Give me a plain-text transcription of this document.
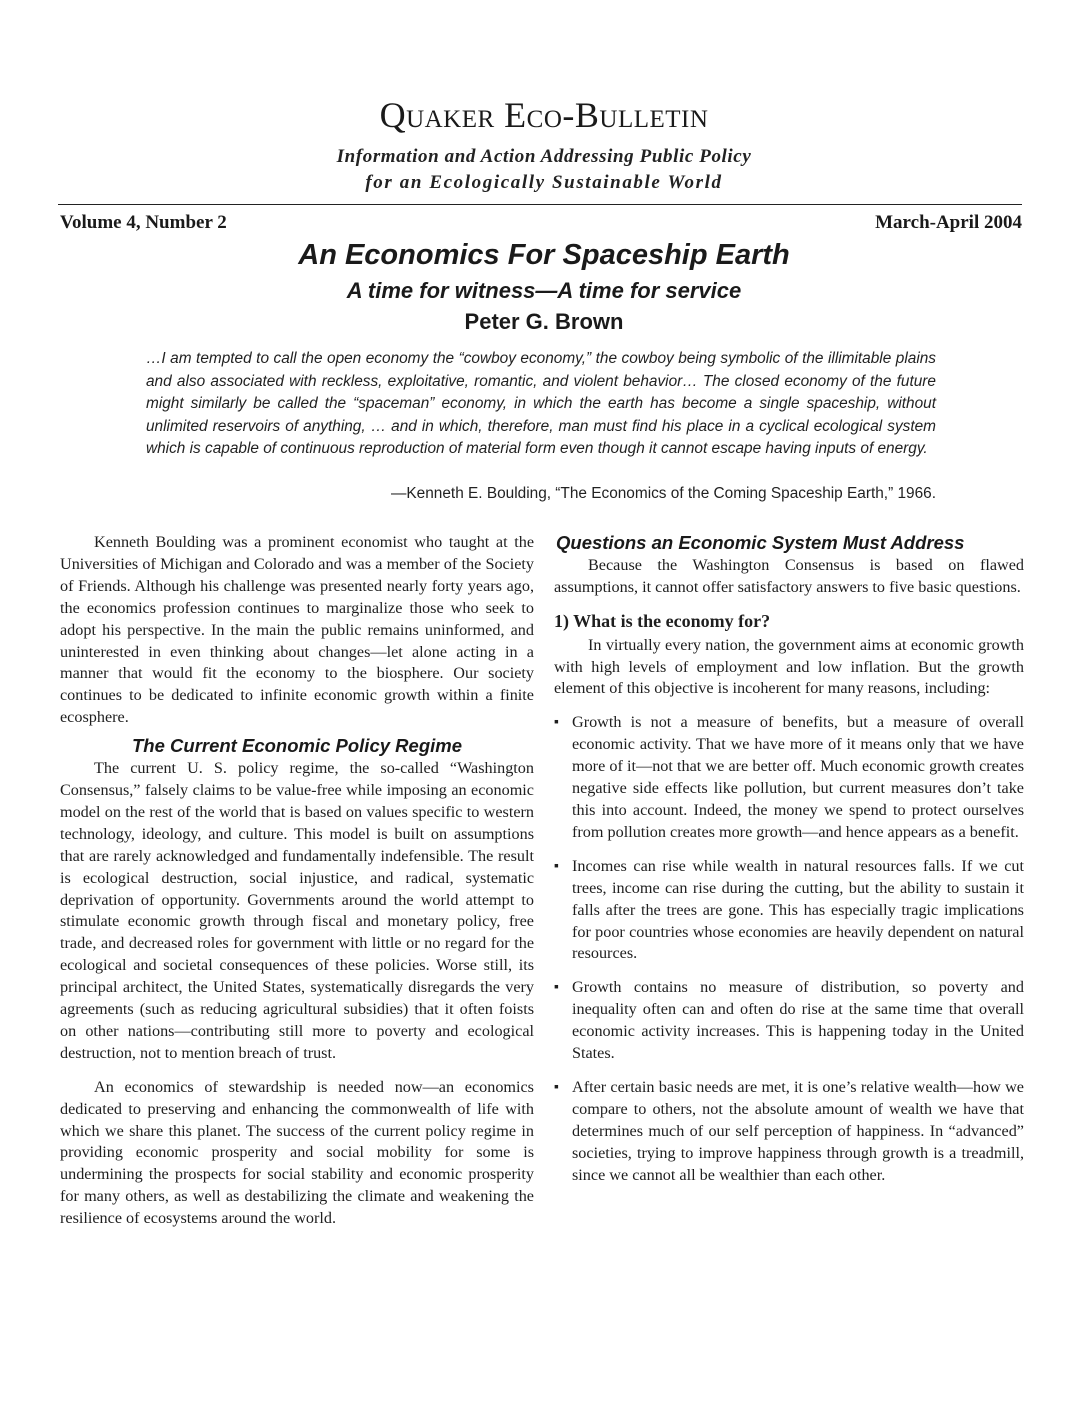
Quaker Eco-Bulletin
Information and Action Addressing Public Policy
for an Ecologically Sustainable World
Volume 4, Number 2	March-April 2004
An Economics For Spaceship Earth
A time for witness—A time for service
Peter G. Brown
…I am tempted to call the open economy the “cowboy economy,” the cowboy being symbolic of the illimitable plains and also associated with reckless, exploitative, romantic, and violent behavior… The closed economy of the future might similarly be called the “spaceman” economy, in which the earth has become a single spaceship, without unlimited reservoirs of anything, … and in which, therefore, man must find his place in a cyclical ecological system which is capable of continuous reproduction of material form even though it cannot escape having inputs of energy.
—Kenneth E. Boulding, “The Economics of the Coming Spaceship Earth,” 1966.

Kenneth Boulding was a prominent economist who taught at the Universities of Michigan and Colorado and was a member of the Society of Friends. Although his challenge was presented nearly forty years ago, the economics profession continues to marginalize those who seek to adopt his perspective. In the main the public remains uninformed, and uninterested in even thinking about changes—let alone acting in a manner that would fit the economy to the biosphere. Our society continues to be dedicated to infinite economic growth within a finite ecosphere.

The Current Economic Policy Regime

The current U. S. policy regime, the so-called “Washington Consensus,” falsely claims to be value-free while imposing an economic model on the rest of the world that is based on values specific to western technology, ideology, and culture. This model is built on assumptions that are rarely acknowledged and fundamentally indefensible. The result is ecological destruction, social injustice, and radical, systematic deprivation of opportunity. Governments around the world attempt to stimulate economic growth through fiscal and monetary policy, free trade, and decreased roles for government with little or no regard for the ecological and societal consequences of these policies. Worse still, its principal architect, the United States, systematically disregards the very agreements (such as reducing agricultural subsidies) that it often foists on other nations—contributing still more to poverty and ecological destruction, not to mention breach of trust.

An economics of stewardship is needed now—an economics dedicated to preserving and enhancing the commonwealth of life with which we share this planet. The success of the current policy regime in providing economic prosperity and social mobility for some is undermining the prospects for social stability and economic prosperity for many others, as well as destabilizing the climate and weakening the resilience of ecosystems around the world.

Questions an Economic System Must Address

Because the Washington Consensus is based on flawed assumptions, it cannot offer satisfactory answers to five basic questions.

1) What is the economy for?

In virtually every nation, the government aims at economic growth with high levels of employment and low inflation. But the growth element of this objective is incoherent for many reasons, including:

▪ Growth is not a measure of benefits, but a measure of overall economic activity. That we have more of it means only that we have more of it—not that we are better off. Much economic growth creates negative side effects like pollution, but current measures don’t take this into account. Indeed, the money we spend to protect ourselves from pollution creates more growth—and hence appears as a benefit.
▪ Incomes can rise while wealth in natural resources falls. If we cut trees, income can rise during the cutting, but the ability to sustain it falls after the trees are gone. This has especially tragic implications for poor countries whose economies are heavily dependent on natural resources.
▪ Growth contains no measure of distribution, so poverty and inequality often can and often do rise at the same time that overall economic activity increases. This is happening today in the United States.
▪ After certain basic needs are met, it is one’s relative wealth—how we compare to others, not the absolute amount of wealth we have that determines much of our self perception of happiness. In “advanced” societies, trying to improve happiness through growth is a treadmill, since we cannot all be wealthier than each other.
